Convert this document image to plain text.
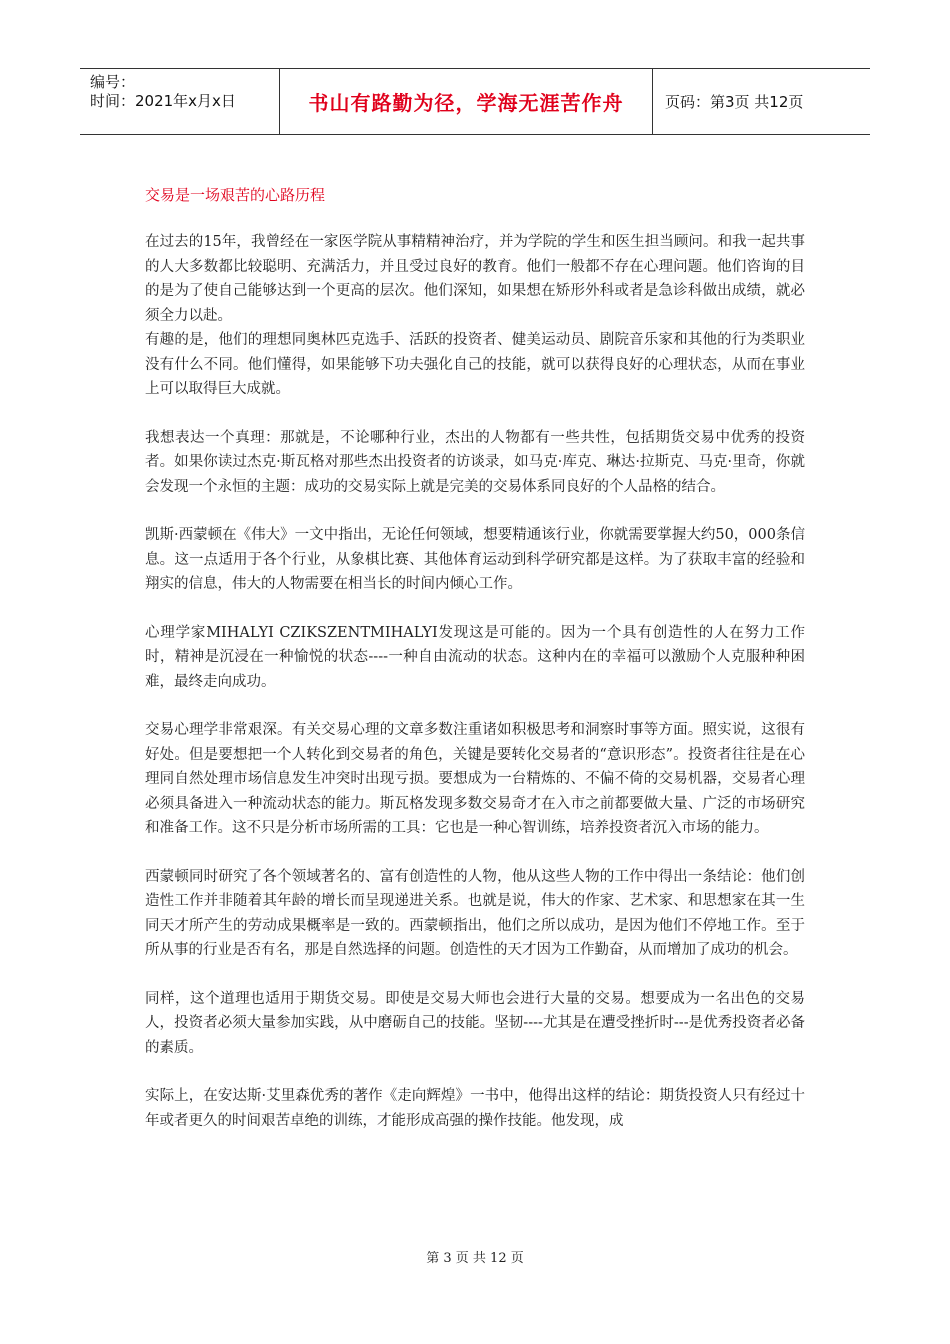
编号：
时间：2021年x月x日	书山有路勤为径，学海无涯苦作舟	页码：第3页 共12页
交易是一场艰苦的心路历程
在过去的15年，我曾经在一家医学院从事精精神治疗，并为学院的学生和医生担当顾问。和我一起共事的人大多数都比较聪明、充满活力，并且受过良好的教育。他们一般都不存在心理问题。他们咨询的目的是为了使自己能够达到一个更高的层次。他们深知，如果想在矫形外科或者是急诊科做出成绩，就必须全力以赴。
有趣的是，他们的理想同奥林匹克选手、活跃的投资者、健美运动员、剧院音乐家和其他的行为类职业没有什么不同。他们懂得，如果能够下功夫强化自己的技能，就可以获得良好的心理状态，从而在事业上可以取得巨大成就。
我想表达一个真理：那就是，不论哪种行业，杰出的人物都有一些共性，包括期货交易中优秀的投资者。如果你读过杰克·斯瓦格对那些杰出投资者的访谈录，如马克·库克、琳达·拉斯克、马克·里奇，你就会发现一个永恒的主题：成功的交易实际上就是完美的交易体系同良好的个人品格的结合。
凯斯·西蒙顿在《伟大》一文中指出，无论任何领域，想要精通该行业，你就需要掌握大约50，000条信息。这一点适用于各个行业，从象棋比赛、其他体育运动到科学研究都是这样。为了获取丰富的经验和翔实的信息，伟大的人物需要在相当长的时间内倾心工作。
心理学家MIHALYI CZIKSZENTMIHALYI发现这是可能的。因为一个具有创造性的人在努力工作时，精神是沉浸在一种愉悦的状态----一种自由流动的状态。这种内在的幸福可以激励个人克服种种困难，最终走向成功。
交易心理学非常艰深。有关交易心理的文章多数注重诸如积极思考和洞察时事等方面。照实说，这很有好处。但是要想把一个人转化到交易者的角色，关键是要转化交易者的“意识形态”。投资者往往是在心理同自然处理市场信息发生冲突时出现亏损。要想成为一台精炼的、不偏不倚的交易机器，交易者心理必须具备进入一种流动状态的能力。斯瓦格发现多数交易奇才在入市之前都要做大量、广泛的市场研究和准备工作。这不只是分析市场所需的工具：它也是一种心智训练，培养投资者沉入市场的能力。
西蒙顿同时研究了各个领域著名的、富有创造性的人物，他从这些人物的工作中得出一条结论：他们创造性工作并非随着其年龄的增长而呈现递进关系。也就是说，伟大的作家、艺术家、和思想家在其一生同天才所产生的劳动成果概率是一致的。西蒙顿指出，他们之所以成功，是因为他们不停地工作。至于所从事的行业是否有名，那是自然选择的问题。创造性的天才因为工作勤奋，从而增加了成功的机会。
同样，这个道理也适用于期货交易。即使是交易大师也会进行大量的交易。想要成为一名出色的交易人，投资者必须大量参加实践，从中磨砺自己的技能。坚韧----尤其是在遭受挫折时---是优秀投资者必备的素质。
实际上，在安达斯·艾里森优秀的著作《走向辉煌》一书中，他得出这样的结论：期货投资人只有经过十年或者更久的时间艰苦卓绝的训练，才能形成高强的操作技能。他发现，成
第 3 页 共 12 页
